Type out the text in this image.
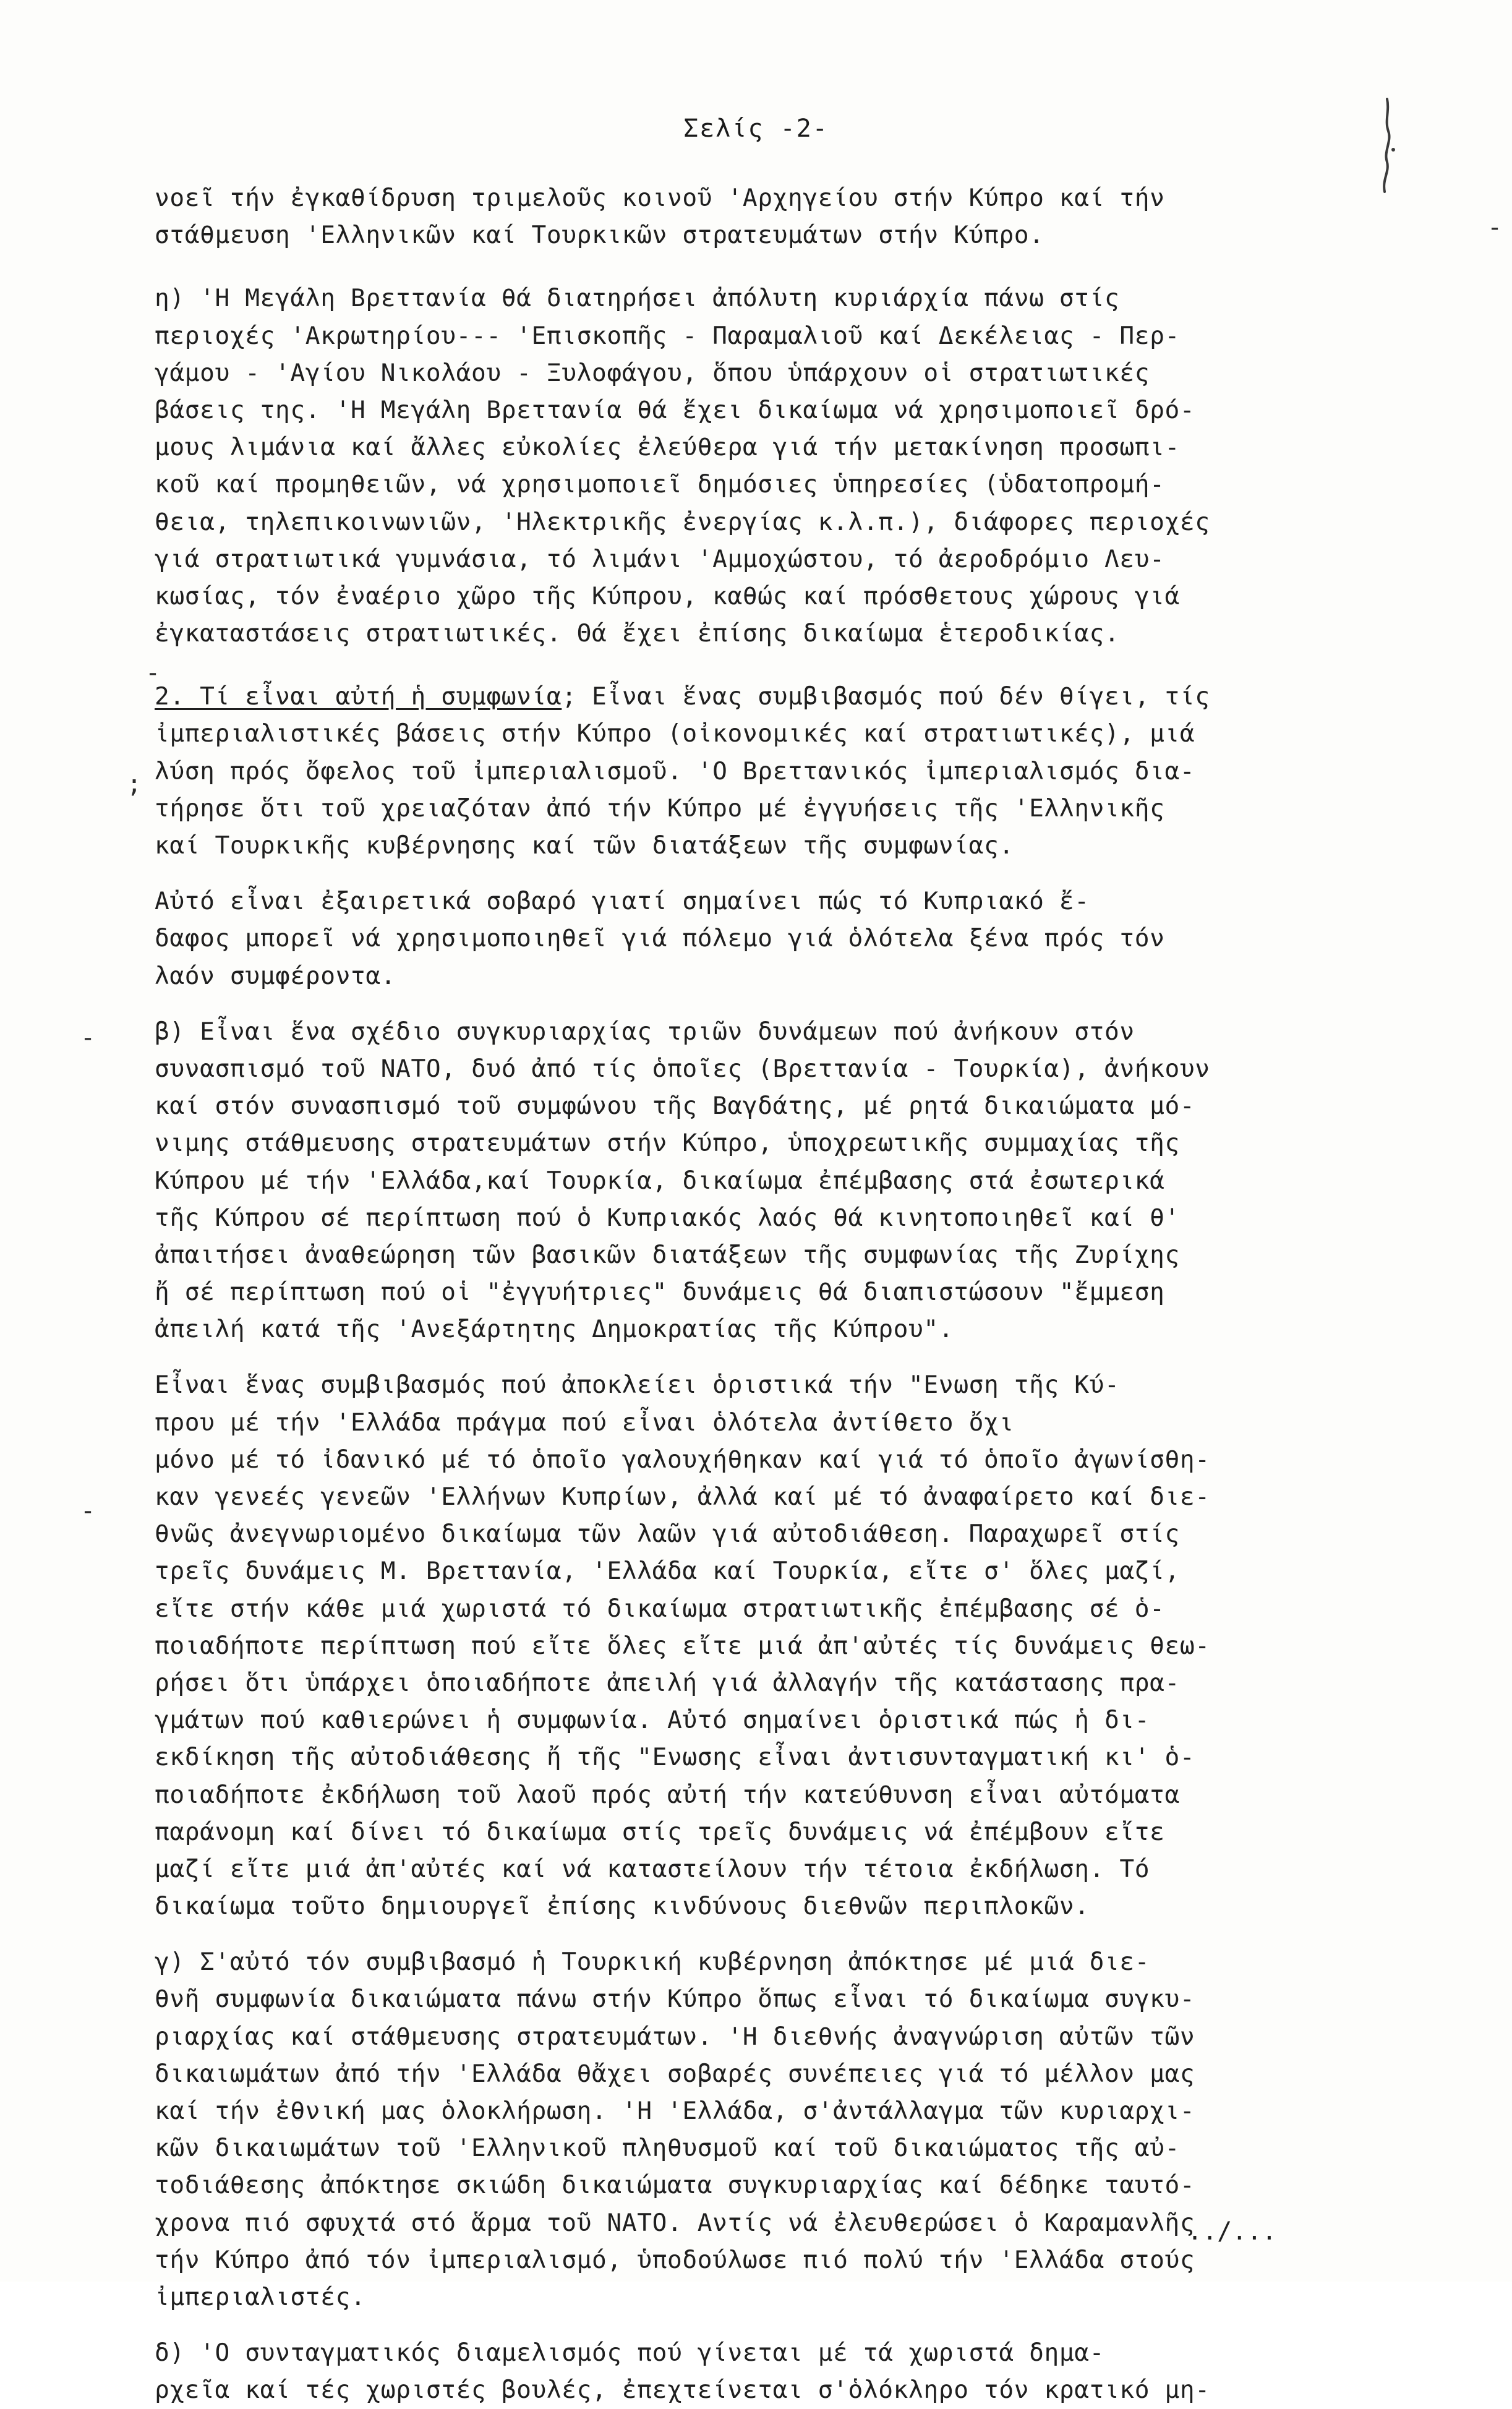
Σελίς -2-
νοεῖ τήν ἐγκαθίδρυση τριμελοῦς κοινοῦ 'Αρχηγείου στήν Κύπρο καί τήν
στάθμευση 'Ελληνικῶν καί Τουρκικῶν στρατευμάτων στήν Κύπρο.
η) 'Η Μεγάλη Βρεττανία θά διατηρήσει ἀπόλυτη κυριάρχία πάνω στίς
περιοχές 'Ακρωτηρίου--- 'Επισκοπῆς - Παραμαλιοῦ καί Δεκέλειας - Περ-
γάμου - 'Αγίου Νικολάου - Ξυλοφάγου, ὅπου ὑπάρχουν οἱ στρατιωτικές
βάσεις της. 'Η Μεγάλη Βρεττανία θά ἔχει δικαίωμα νά χρησιμοποιεῖ δρό-
μους λιμάνια καί ἄλλες εὐκολίες ἐλεύθερα γιά τήν μετακίνηση προσωπι-
κοῦ καί προμηθειῶν, νά χρησιμοποιεῖ δημόσιες ὑπηρεσίες (ὑδατοπρομή-
θεια, τηλεπικοινωνιῶν, 'Ηλεκτρικῆς ἐνεργίας κ.λ.π.), διάφορες περιοχές
γιά στρατιωτικά γυμνάσια, τό λιμάνι 'Αμμοχώστου, τό ἀεροδρόμιο Λευ-
κωσίας, τόν ἐναέριο χῶρο τῆς Κύπρου, καθώς καί πρόσθετους χώρους γιά
ἐγκαταστάσεις στρατιωτικές. Θά ἔχει ἐπίσης δικαίωμα ἑτεροδικίας.
2. Τί εἶναι αὐτή ἡ συμφωνία; Εἶναι ἕνας συμβιβασμός πού δέν θίγει, τίς
ἰμπεριαλιστικές βάσεις στήν Κύπρο (οἰκονομικές καί στρατιωτικές), μιά
λύση πρός ὄφελος τοῦ ἰμπεριαλισμοῦ. 'Ο Βρεττανικός ἰμπεριαλισμός δια-
τήρησε ὅτι τοῦ χρειαζόταν ἀπό τήν Κύπρο μέ ἐγγυήσεις τῆς 'Ελληνικῆς
καί Τουρκικῆς κυβέρνησης καί τῶν διατάξεων τῆς συμφωνίας.
Αὐτό εἶναι ἐξαιρετικά σοβαρό γιατί σημαίνει πώς τό Κυπριακό ἔ-
δαφος μπορεῖ νά χρησιμοποιηθεῖ γιά πόλεμο γιά ὁλότελα ξένα πρός τόν
λαόν συμφέροντα.
β) Εἶναι ἕνα σχέδιο συγκυριαρχίας τριῶν δυνάμεων πού ἀνήκουν στόν
συνασπισμό τοῦ ΝΑΤΟ, δυό ἀπό τίς ὁποῖες (Βρεττανία - Τουρκία), ἀνήκουν
καί στόν συνασπισμό τοῦ συμφώνου τῆς Βαγδάτης, μέ ρητά δικαιώματα μό-
νιμης στάθμευσης στρατευμάτων στήν Κύπρο, ὑποχρεωτικῆς συμμαχίας τῆς
Κύπρου μέ τήν 'Ελλάδα,καί Τουρκία, δικαίωμα ἐπέμβασης στά ἐσωτερικά
τῆς Κύπρου σέ περίπτωση πού ὁ Κυπριακός λαός θά κινητοποιηθεῖ καί θ'
ἀπαιτήσει ἀναθεώρηση τῶν βασικῶν διατάξεων τῆς συμφωνίας τῆς Ζυρίχης
ἤ σέ περίπτωση πού οἱ "ἐγγυήτριες" δυνάμεις θά διαπιστώσουν "ἔμμεση
ἀπειλή κατά τῆς 'Ανεξάρτητης Δημοκρατίας τῆς Κύπρου".
Εἶναι ἕνας συμβιβασμός πού ἀποκλείει ὁριστικά τήν "Ενωση τῆς Κύ-
πρου μέ τήν 'Ελλάδα πράγμα πού εἶναι ὁλότελα ἀντίθετο ὄχι
μόνο μέ τό ἰδανικό μέ τό ὁποῖο γαλουχήθηκαν καί γιά τό ὁποῖο ἀγωνίσθη-
καν γενεές γενεῶν 'Ελλήνων Κυπρίων, ἀλλά καί μέ τό ἀναφαίρετο καί διε-
θνῶς ἀνεγνωριομένο δικαίωμα τῶν λαῶν γιά αὐτοδιάθεση. Παραχωρεῖ στίς
τρεῖς δυνάμεις Μ. Βρεττανία, 'Ελλάδα καί Τουρκία, εἴτε σ' ὅλες μαζί,
εἴτε στήν κάθε μιά χωριστά τό δικαίωμα στρατιωτικῆς ἐπέμβασης σέ ὁ-
ποιαδήποτε περίπτωση πού εἴτε ὅλες εἴτε μιά ἀπ'αὐτές τίς δυνάμεις θεω-
ρήσει ὅτι ὑπάρχει ὁποιαδήποτε ἀπειλή γιά ἀλλαγήν τῆς κατάστασης πρα-
γμάτων πού καθιερώνει ἡ συμφωνία. Αὐτό σημαίνει ὁριστικά πώς ἡ δι-
εκδίκηση τῆς αὐτοδιάθεσης ἤ τῆς "Ενωσης εἶναι ἀντισυνταγματική κι' ὁ-
ποιαδήποτε ἐκδήλωση τοῦ λαοῦ πρός αὐτή τήν κατεύθυνση εἶναι αὐτόματα
παράνομη καί δίνει τό δικαίωμα στίς τρεῖς δυνάμεις νά ἐπέμβουν εἴτε
μαζί εἴτε μιά ἀπ'αὐτές καί νά καταστείλουν τήν τέτοια ἐκδήλωση. Τό
δικαίωμα τοῦτο δημιουργεῖ ἐπίσης κινδύνους διεθνῶν περιπλοκῶν.
γ) Σ'αὐτό τόν συμβιβασμό ἡ Τουρκική κυβέρνηση ἀπόκτησε μέ μιά διε-
θνῆ συμφωνία δικαιώματα πάνω στήν Κύπρο ὅπως εἶναι τό δικαίωμα συγκυ-
ριαρχίας καί στάθμευσης στρατευμάτων. 'Η διεθνής ἀναγνώριση αὐτῶν τῶν
δικαιωμάτων ἀπό τήν 'Ελλάδα θἄχει σοβαρές συνέπειες γιά τό μέλλον μας
καί τήν ἐθνική μας ὁλοκλήρωση. 'Η 'Ελλάδα, σ'ἀντάλλαγμα τῶν κυριαρχι-
κῶν δικαιωμάτων τοῦ 'Ελληνικοῦ πληθυσμοῦ καί τοῦ δικαιώματος τῆς αὐ-
τοδιάθεσης ἀπόκτησε σκιώδη δικαιώματα συγκυριαρχίας καί δέδηκε ταυτό-
χρονα πιό σφυχτά στό ἅρμα τοῦ ΝΑΤΟ. Αντίς νά ἐλευθερώσει ὁ Καραμανλῆς
τήν Κύπρο ἀπό τόν ἰμπεριαλισμό, ὑποδούλωσε πιό πολύ τήν 'Ελλάδα στούς
ἰμπεριαλιστές.
δ) 'Ο συνταγματικός διαμελισμός πού γίνεται μέ τά χωριστά δημα-
ρχεῖα καί τές χωριστές βουλές, ἐπεχτείνεται σ'ὁλόκληρο τόν κρατικό μη-
-
;
-
-
-
../...
